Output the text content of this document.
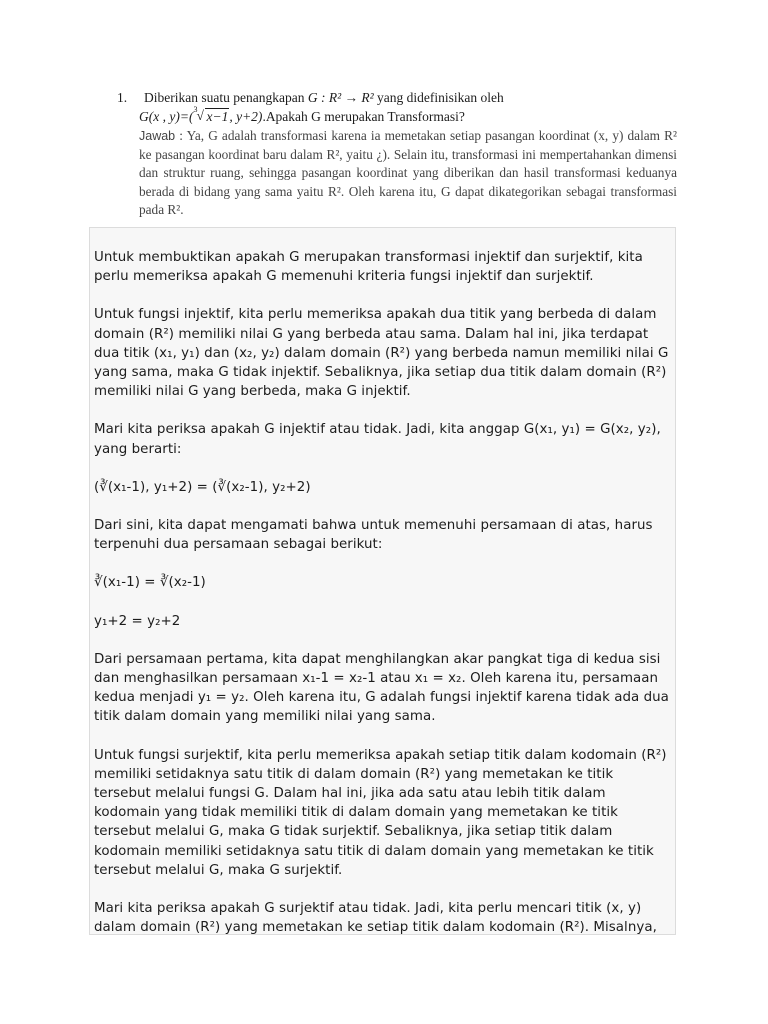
1. Diberikan suatu penangkapan G : R² → R² yang didefinisikan oleh
G(x , y)=( 3 √ x−1, y+2).Apakah G merupakan Transformasi?
Jawab : Ya, G adalah transformasi karena ia memetakan setiap pasangan koordinat (x, y) dalam R² ke pasangan koordinat baru dalam R², yaitu ¿). Selain itu, transformasi ini mempertahankan dimensi dan struktur ruang, sehingga pasangan koordinat yang diberikan dan hasil transformasi keduanya berada di bidang yang sama yaitu R². Oleh karena itu, G dapat dikategorikan sebagai transformasi pada R².

Untuk membuktikan apakah G merupakan transformasi injektif dan surjektif, kita perlu memeriksa apakah G memenuhi kriteria fungsi injektif dan surjektif.

Untuk fungsi injektif, kita perlu memeriksa apakah dua titik yang berbeda di dalam domain (R²) memiliki nilai G yang berbeda atau sama. Dalam hal ini, jika terdapat dua titik (x₁, y₁) dan (x₂, y₂) dalam domain (R²) yang berbeda namun memiliki nilai G yang sama, maka G tidak injektif. Sebaliknya, jika setiap dua titik dalam domain (R²) memiliki nilai G yang berbeda, maka G injektif.

Mari kita periksa apakah G injektif atau tidak. Jadi, kita anggap G(x₁, y₁) = G(x₂, y₂), yang berarti:

(∛(x₁-1), y₁+2) = (∛(x₂-1), y₂+2)

Dari sini, kita dapat mengamati bahwa untuk memenuhi persamaan di atas, harus terpenuhi dua persamaan sebagai berikut:

∛(x₁-1) = ∛(x₂-1)

y₁+2 = y₂+2

Dari persamaan pertama, kita dapat menghilangkan akar pangkat tiga di kedua sisi dan menghasilkan persamaan x₁-1 = x₂-1 atau x₁ = x₂. Oleh karena itu, persamaan kedua menjadi y₁ = y₂. Oleh karena itu, G adalah fungsi injektif karena tidak ada dua titik dalam domain yang memiliki nilai yang sama.

Untuk fungsi surjektif, kita perlu memeriksa apakah setiap titik dalam kodomain (R²) memiliki setidaknya satu titik di dalam domain (R²) yang memetakan ke titik tersebut melalui fungsi G. Dalam hal ini, jika ada satu atau lebih titik dalam kodomain yang tidak memiliki titik di dalam domain yang memetakan ke titik tersebut melalui G, maka G tidak surjektif. Sebaliknya, jika setiap titik dalam kodomain memiliki setidaknya satu titik di dalam domain yang memetakan ke titik tersebut melalui G, maka G surjektif.

Mari kita periksa apakah G surjektif atau tidak. Jadi, kita perlu mencari titik (x, y) dalam domain (R²) yang memetakan ke setiap titik dalam kodomain (R²). Misalnya,
